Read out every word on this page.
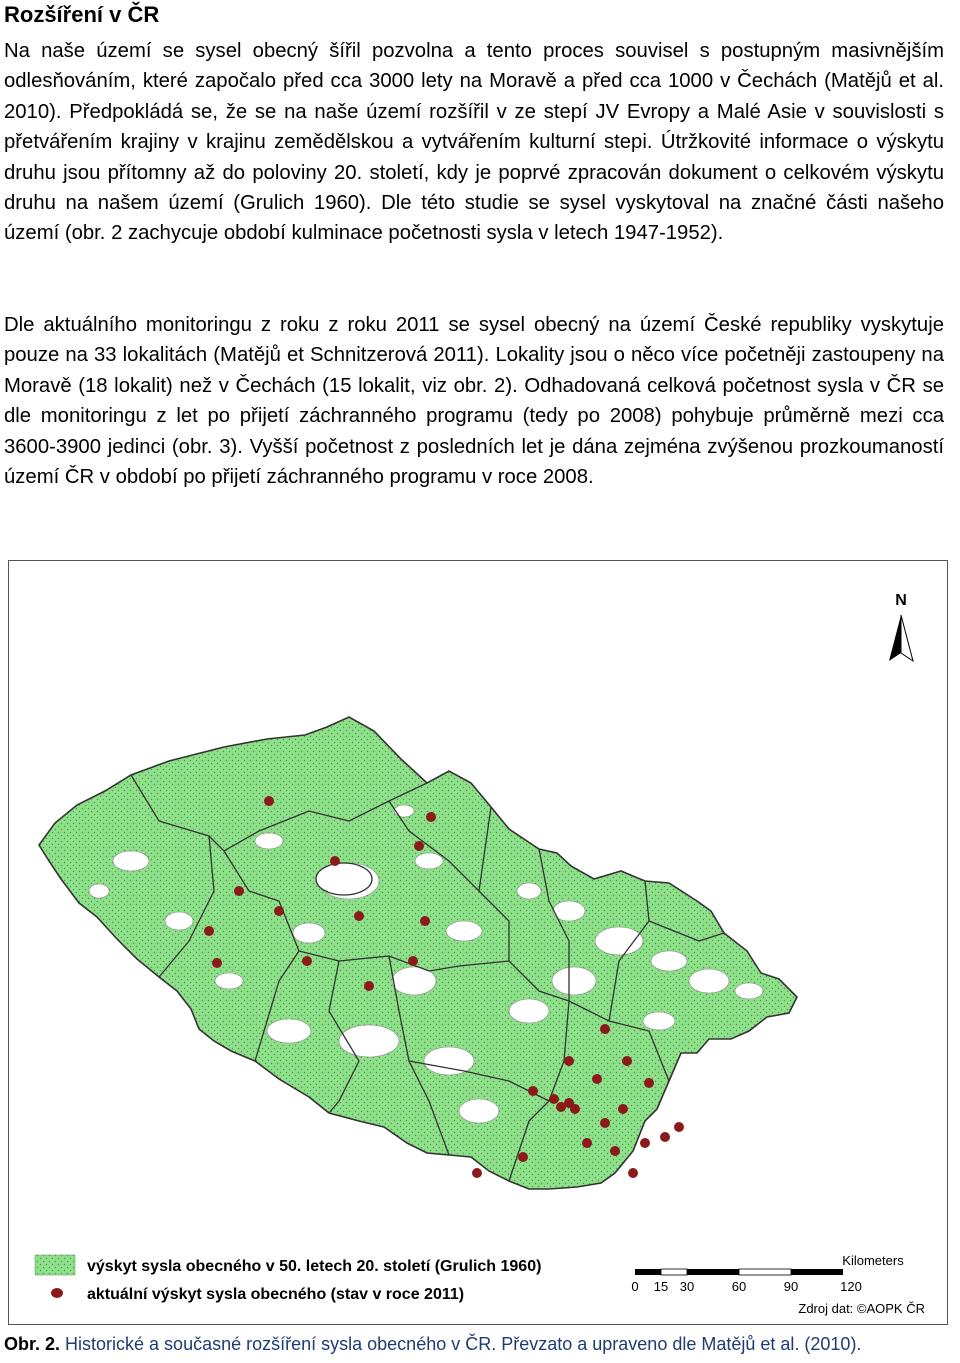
Rozšíření v ČR

Na naše území se sysel obecný šířil pozvolna a tento proces souvisel s postupným masivnějším odlesňováním, které započalo před cca 3000 lety na Moravě a před cca 1000 v Čechách (Matějů et al. 2010). Předpokládá se, že se na naše území rozšířil v ze stepí JV Evropy a Malé Asie v souvislosti s přetvářením krajiny v krajinu zemědělskou a vytvářením kulturní stepi. Útržkovité informace o výskytu druhu jsou přítomny až do poloviny 20. století, kdy je poprvé zpracován dokument o celkovém výskytu druhu na našem území (Grulich 1960). Dle této studie se sysel vyskytoval na značné části našeho území (obr. 2 zachycuje období kulminace početnosti sysla v letech 1947-1952).

Dle aktuálního monitoringu z roku z roku 2011 se sysel obecný na území České republiky vyskytuje pouze na 33 lokalitách (Matějů et Schnitzerová 2011). Lokality jsou o něco více početněji zastoupeny na Moravě (18 lokalit) než v Čechách (15 lokalit, viz obr. 2). Odhadovaná celková početnost sysla v ČR se dle monitoringu z let po přijetí záchranného programu (tedy po 2008) pohybuje průměrně mezi cca 3600-3900 jedinci (obr. 3). Vyšší početnost z posledních let je dána zejména zvýšenou prozkoumaností území ČR v období po přijetí záchranného programu v roce 2008.

N
výskyt sysla obecného v 50. letech 20. století (Grulich 1960)
aktuální výskyt sysla obecného (stav v roce 2011)
Kilometers
0 15 30	60	90	120
Zdroj dat: ©AOPK ČR

Obr. 2. Historické a současné rozšíření sysla obecného v ČR. Převzato a upraveno dle Matějů et al. (2010).
